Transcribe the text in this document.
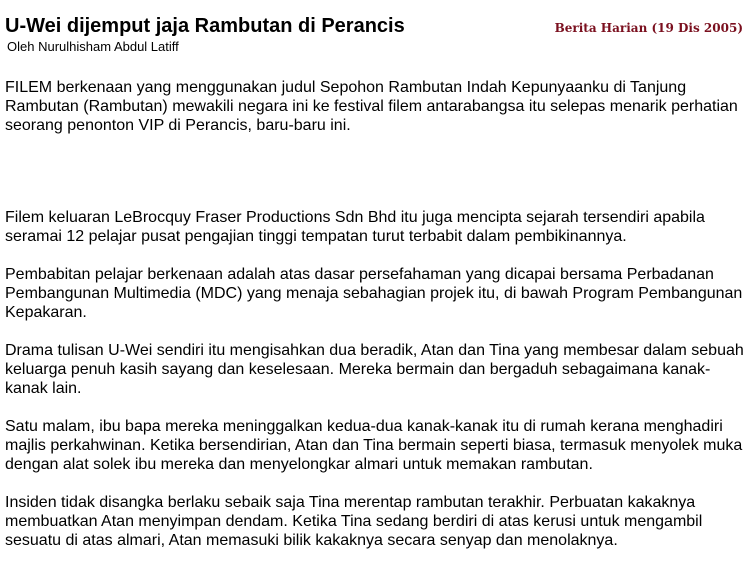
U-Wei dijemput jaja Rambutan di Perancis	Berita Harian (19 Dis 2005)
Oleh Nurulhisham Abdul Latiff

FILEM berkenaan yang menggunakan judul Sepohon Rambutan Indah Kepunyaanku di Tanjung Rambutan (Rambutan) mewakili negara ini ke festival filem antarabangsa itu selepas menarik perhatian seorang penonton VIP di Perancis, baru-baru ini.

Filem keluaran LeBrocquy Fraser Productions Sdn Bhd itu juga mencipta sejarah tersendiri apabila seramai 12 pelajar pusat pengajian tinggi tempatan turut terbabit dalam pembikinannya.

Pembabitan pelajar berkenaan adalah atas dasar persefahaman yang dicapai bersama Perbadanan Pembangunan Multimedia (MDC) yang menaja sebahagian projek itu, di bawah Program Pembangunan Kepakaran.

Drama tulisan U-Wei sendiri itu mengisahkan dua beradik, Atan dan Tina yang membesar dalam sebuah keluarga penuh kasih sayang dan keselesaan. Mereka bermain dan bergaduh sebagaimana kanak-kanak lain.

Satu malam, ibu bapa mereka meninggalkan kedua-dua kanak-kanak itu di rumah kerana menghadiri majlis perkahwinan. Ketika bersendirian, Atan dan Tina bermain seperti biasa, termasuk menyolek muka dengan alat solek ibu mereka dan menyelongkar almari untuk memakan rambutan.

Insiden tidak disangka berlaku sebaik saja Tina merentap rambutan terakhir. Perbuatan kakaknya membuatkan Atan menyimpan dendam. Ketika Tina sedang berdiri di atas kerusi untuk mengambil sesuatu di atas almari, Atan memasuki bilik kakaknya secara senyap dan menolaknya.
